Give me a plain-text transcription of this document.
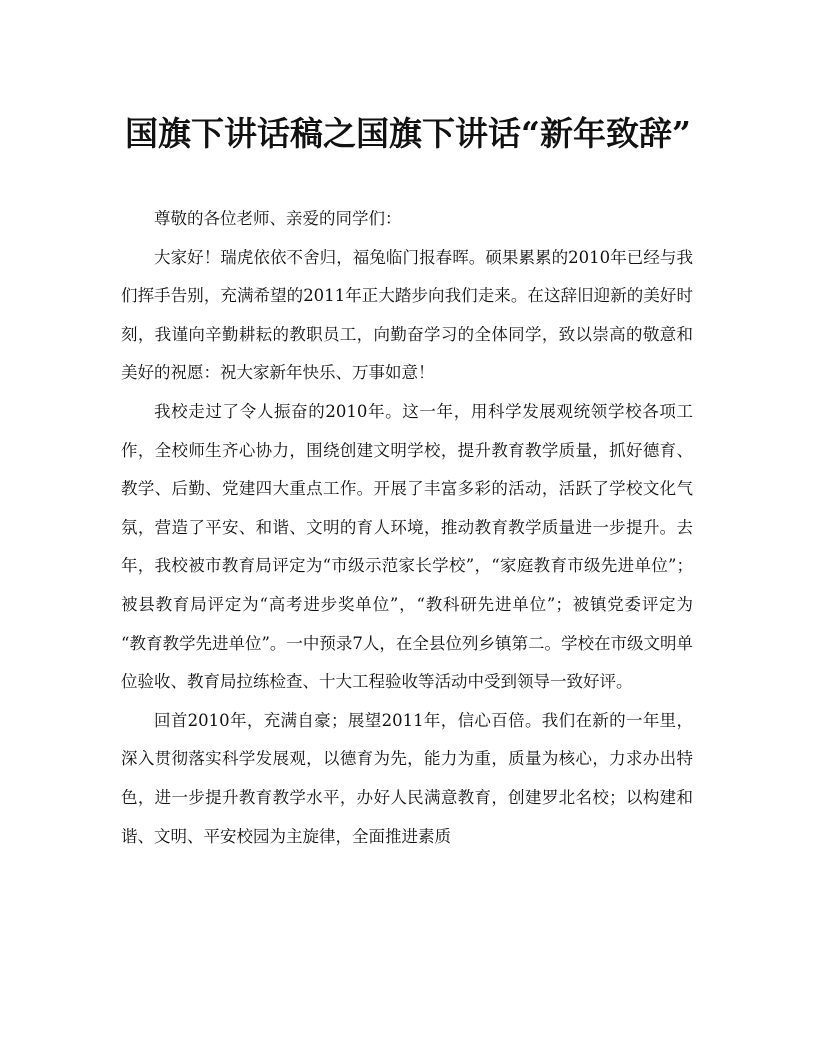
国旗下讲话稿之国旗下讲话“新年致辞”

尊敬的各位老师、亲爱的同学们：

大家好！瑞虎依依不舍归，福兔临门报春晖。硕果累累的2010年已经与我们挥手告别，充满希望的2011年正大踏步向我们走来。在这辞旧迎新的美好时刻，我谨向辛勤耕耘的教职员工，向勤奋学习的全体同学，致以崇高的敬意和美好的祝愿：祝大家新年快乐、万事如意！

我校走过了令人振奋的2010年。这一年，用科学发展观统领学校各项工作，全校师生齐心协力，围绕创建文明学校，提升教育教学质量，抓好德育、教学、后勤、党建四大重点工作。开展了丰富多彩的活动，活跃了学校文化气氛，营造了平安、和谐、文明的育人环境，推动教育教学质量进一步提升。去年，我校被市教育局评定为“市级示范家长学校”，“家庭教育市级先进单位”；被县教育局评定为“高考进步奖单位”，“教科研先进单位”；被镇党委评定为 “教育教学先进单位”。一中预录7人，在全县位列乡镇第二。学校在市级文明单位验收、教育局拉练检查、十大工程验收等活动中受到领导一致好评。

回首2010年，充满自豪；展望2011年，信心百倍。我们在新的一年里，深入贯彻落实科学发展观，以德育为先，能力为重，质量为核心，力求办出特色，进一步提升教育教学水平，办好人民满意教育，创建罗北名校；以构建和谐、文明、平安校园为主旋律，全面推进素质
